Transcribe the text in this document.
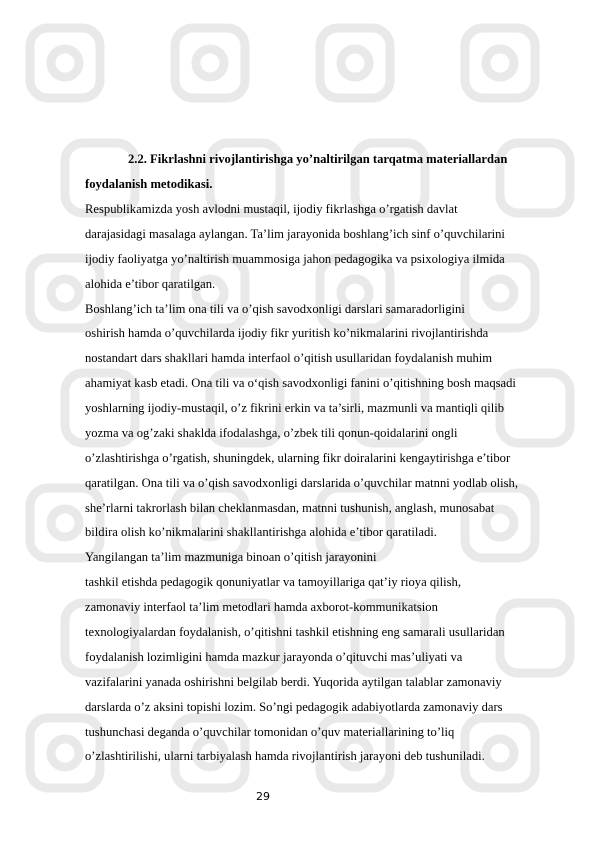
2.2. Fikrlashni rivojlantirishga yo’naltirilgan tarqatma materiallardan
foydalanish metodikasi.
Respublikamizda yosh avlodni mustaqil, ijodiy fikrlashga o’rgatish davlat
darajasidagi masalaga aylangan. Ta’lim jarayonida boshlang’ich sinf o’quvchilarini
ijodiy faoliyatga yo’naltirish muammosiga jahon pedagogika va psixologiya ilmida
alohida e’tibor qaratilgan.
Boshlang’ich ta’lim ona tili va o’qish savodxonligi darslari samaradorligini
oshirish hamda o’quvchilarda ijodiy fikr yuritish ko’nikmalarini rivojlantirishda
nostandart dars shakllari hamda interfaol o’qitish usullaridan foydalanish muhim
ahamiyat kasb etadi. Ona tili va o‘qish savodxonligi fanini o’qitishning bosh maqsadi
yoshlarning ijodiy-mustaqil, o’z fikrini erkin va ta’sirli, mazmunli va mantiqli qilib
yozma va og’zaki shaklda ifodalashga, o’zbek tili qonun-qoidalarini ongli
o’zlashtirishga o’rgatish, shuningdek, ularning fikr doiralarini kengaytirishga e’tibor
qaratilgan. Ona tili va o’qish savodxonligi darslarida o’quvchilar matnni yodlab olish,
she’rlarni takrorlash bilan cheklanmasdan, matnni tushunish, anglash, munosabat
bildira olish ko’nikmalarini shakllantirishga alohida e’tibor qaratiladi.
Yangilangan ta’lim mazmuniga binoan o’qitish jarayonini
tashkil etishda pedagogik qonuniyatlar va tamoyillariga qat’iy rioya qilish,
zamonaviy interfaol ta’lim metodlari hamda axborot-kommunikatsion
texnologiyalardan foydalanish, o’qitishni tashkil etishning eng samarali usullaridan
foydalanish lozimligini hamda mazkur jarayonda o’qituvchi mas’uliyati va
vazifalarini yanada oshirishni belgilab berdi. Yuqorida aytilgan talablar zamonaviy
darslarda o’z aksini topishi lozim. So’ngi pedagogik adabiyotlarda zamonaviy dars
tushunchasi deganda o’quvchilar tomonidan o’quv materiallarining to’liq
o’zlashtirilishi, ularni tarbiyalash hamda rivojlantirish jarayoni deb tushuniladi.
29
